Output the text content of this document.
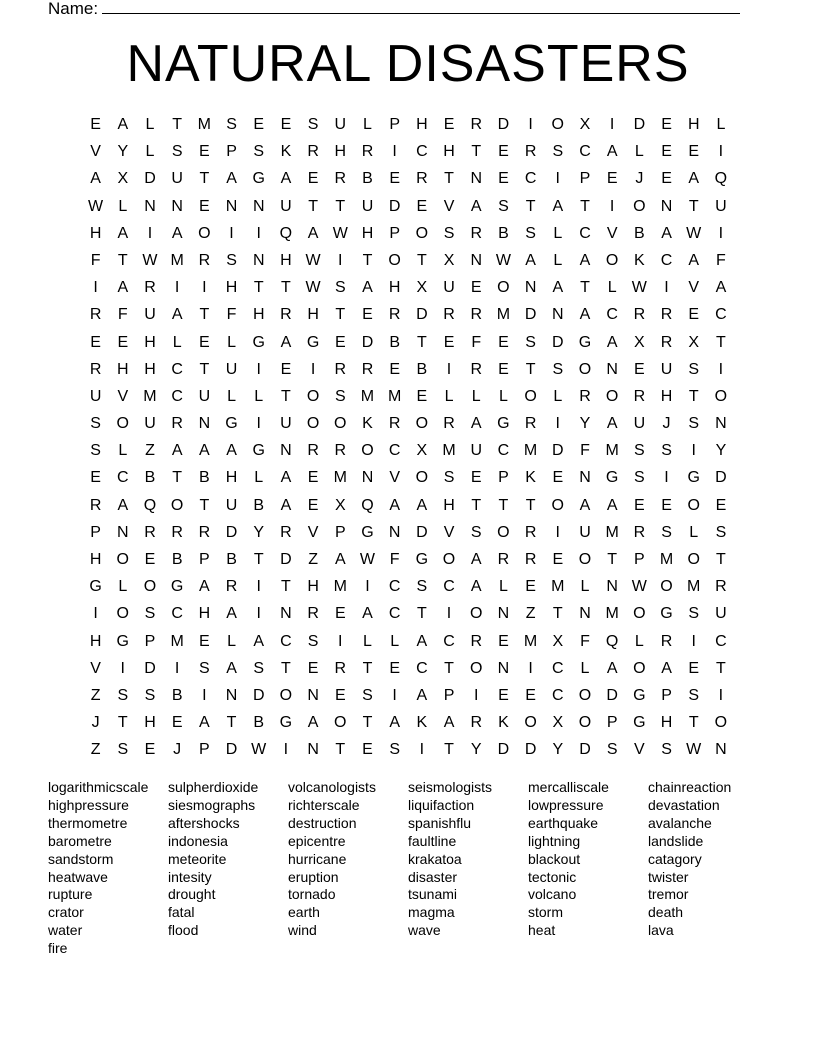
Name:
NATURAL DISASTERS
E	A	L	T M S	E	E	S	U	L	P	H	E	R D	I	O X	I	D	E	H	L
V	Y	L	S	E	P	S	K	R H R	I	C H	T	E	R	S	C	A	L	E	E	I
A	X	D U	T	A G A	E	R	B	E	R	T	N	E	C	I	P	E	J	E	A Q
W L	N N	E	N N U	T	T	U D	E	V	A	S	T	A	T	I	O N	T	U
H	A	I	A O	I	I	Q A W H	P O S	R	B	S	L	C	V	B	A W	I
F	T W M R	S	N H W	I	T	O	T	X	N W A	L	A O K	C	A	F
I	A	R	I	I	H	T	T W S	A	H	X	U	E O N	A	T	L W	I	V	A
R	F	U	A	T	F	H R H	T	E	R D R R M D N	A	C R R	E	C
E	E	H	L	E	L	G A G E	D	B	T	E	F	E	S	D G A	X	R	X	T
R H H C	T	U	I	E	I	R R	E	B	I	R	E	T	S O N	E	U	S	I
U	V M C U	L	L	T	O S M M E	L	L	L	O	L	R O R H	T	O
S O U R N G	I	U O O K	R O R	A G R	I	Y	A	U	J	S	N
S	L	Z	A	A	A G N R R O C	X M U C M D	F M S	S	I	Y
E	C	B	T	B	H	L	A	E M N	V O S	E	P	K	E	N G S	I	G D
R	A Q O	T	U	B	A	E	X Q A	A	H	T	T	T	O A	A	E	E O E
P	N R R R D	Y	R	V	P G N D	V	S O R	I	U M R	S	L	S
H O E	B	P	B	T	D	Z	A W F	G O A	R R	E O	T	P M O	T
G	L	O G A	R	I	T	H M	I	C	S	C	A	L	E M	L	N W O M R
I	O S	C H	A	I	N R	E	A	C	T	I	O N	Z	T	N M O G S	U
H G P M E	L	A	C	S	I	L	L	A	C R	E M X	F	Q	L	R	I	C
V	I	D	I	S	A	S	T	E	R	T	E	C	T	O N	I	C	L	A O A	E	T
Z	S	S	B	I	N D O N	E	S	I	A	P	I	E	E	C O D G P	S	I
J	T	H	E	A	T	B G A O	T	A	K	A	R	K O X O P G H	T	O
Z	S	E	J	P	D W	I	N	T	E	S	I	T	Y	D D	Y	D	S	V	S W N
logarithmicscale
highpressure
thermometre
barometre
sandstorm
heatwave
rupture
crator
water
fire
sulpherdioxide
siesmographs
aftershocks
indonesia
meteorite
intesity
drought
fatal
flood
volcanologists
richterscale
destruction
epicentre
hurricane
eruption
tornado
earth
wind
seismologists
liquifaction
spanishflu
faultline
krakatoa
disaster
tsunami
magma
wave
mercalliscale
lowpressure
earthquake
lightning
blackout
tectonic
volcano
storm
heat
chainreaction
devastation
avalanche
landslide
catagory
twister
tremor
death
lava
